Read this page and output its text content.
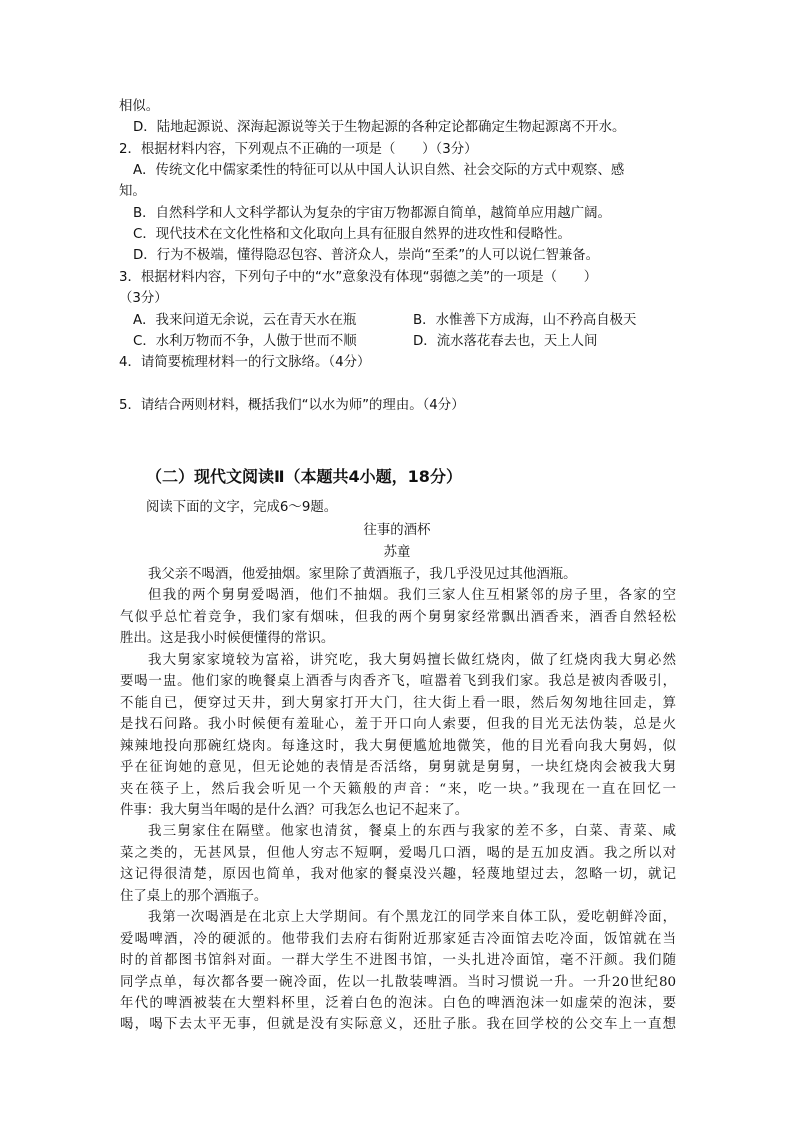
相似。
D．陆地起源说、深海起源说等关于生物起源的各种定论都确定生物起源离不开水。
2．根据材料内容，下列观点不正确的一项是（　　）（3分）
A．传统文化中儒家柔性的特征可以从中国人认识自然、社会交际的方式中观察、感
知。
B．自然科学和人文科学都认为复杂的宇宙万物都源自简单，越简单应用越广阔。
C．现代技术在文化性格和文化取向上具有征服自然界的进攻性和侵略性。
D．行为不极端，懂得隐忍包容、普济众人，崇尚“至柔”的人可以说仁智兼备。
3．根据材料内容，下列句子中的“水”意象没有体现“弱德之美”的一项是（　　）
（3分）
A．我来问道无余说，云在青天水在瓶	B．水惟善下方成海，山不矜高自极天
C．水利万物而不争，人傲于世而不顺	D．流水落花春去也，天上人间
4．请简要梳理材料一的行文脉络。（4分）
5．请结合两则材料，概括我们“以水为师”的理由。（4分）
（二）现代文阅读Ⅱ（本题共4小题，18分）
阅读下面的文字，完成6～9题。
往事的酒杯
苏童
我父亲不喝酒，他爱抽烟。家里除了黄酒瓶子，我几乎没见过其他酒瓶。
但我的两个舅舅爱喝酒，他们不抽烟。我们三家人住互相紧邻的房子里，各家的空
气似乎总忙着竞争，我们家有烟味，但我的两个舅舅家经常飘出酒香来，酒香自然轻松
胜出。这是我小时候便懂得的常识。
我大舅家家境较为富裕，讲究吃，我大舅妈擅长做红烧肉，做了红烧肉我大舅必然
要喝一盅。他们家的晚餐桌上酒香与肉香齐飞，喧嚣着飞到我们家。我总是被肉香吸引，
不能自已，便穿过天井，到大舅家打开大门，往大街上看一眼，然后匆匆地往回走，算
是找石问路。我小时候便有羞耻心，羞于开口向人索要，但我的目光无法伪装，总是火
辣辣地投向那碗红烧肉。每逢这时，我大舅便尴尬地微笑，他的目光看向我大舅妈，似
乎在征询她的意见，但无论她的表情是否活络，舅舅就是舅舅，一块红烧肉会被我大舅
夹在筷子上，然后我会听见一个天籁般的声音：“来，吃一块。”我现在一直在回忆一
件事：我大舅当年喝的是什么酒？可我怎么也记不起来了。
我三舅家住在隔壁。他家也清贫，餐桌上的东西与我家的差不多，白菜、青菜、咸
菜之类的，无甚风景，但他人穷志不短啊，爱喝几口酒，喝的是五加皮酒。我之所以对
这记得很清楚，原因也简单，我对他家的餐桌没兴趣，轻蔑地望过去，忽略一切，就记
住了桌上的那个酒瓶子。
我第一次喝酒是在北京上大学期间。有个黑龙江的同学来自体工队，爱吃朝鲜冷面，
爱喝啤酒，冷的硬派的。他带我们去府右街附近那家延吉冷面馆去吃冷面，饭馆就在当
时的首都图书馆斜对面。一群大学生不进图书馆，一头扎进冷面馆，毫不汗颜。我们随
同学点单，每次都各要一碗冷面，佐以一扎散装啤酒。当时习惯说一升。一升20世纪80
年代的啤酒被装在大塑料杯里，泛着白色的泡沫。白色的啤酒泡沫一如虚荣的泡沫，要
喝，喝下去太平无事，但就是没有实际意义，还肚子胀。我在回学校的公交车上一直想
